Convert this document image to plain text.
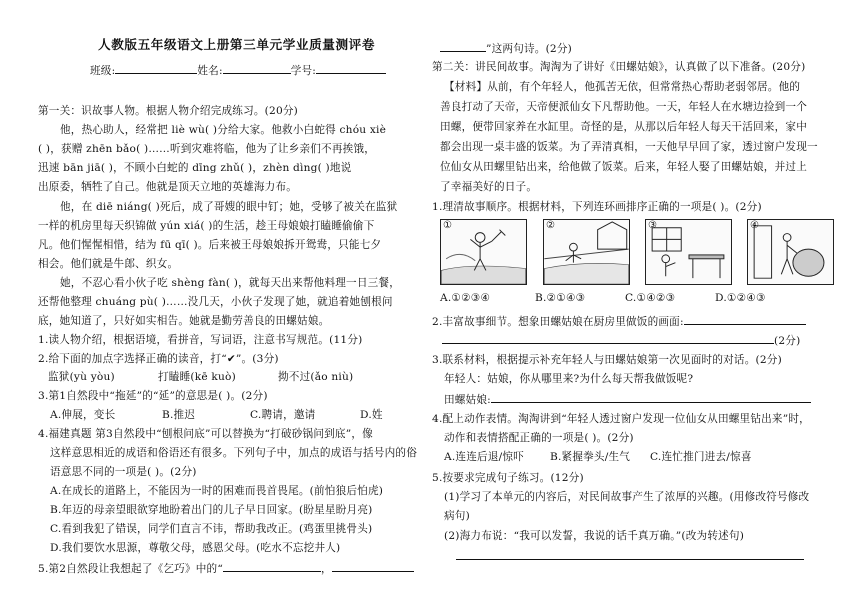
人教版五年级语文上册第三单元学业质量测评卷
班级:	姓名:	学号:
第一关：识故事人物。根据人物介绍完成练习。(20分)
他，热心助人，经常把 liè wù( )分给大家。他救小白蛇得 chóu xiè
( )，获赠 zhēn bǎo( )……听到灾难将临，他为了让乡亲们不再挨饿，
迅速 bān jiā( )，不顾小白蛇的 dīng zhǔ( )，zhèn dìng( )地说
出原委，牺牲了自己。他就是顶天立地的英雄海力布。
他，在 diē niáng( )死后，成了哥嫂的眼中钉；她，受够了被关在监狱
一样的机房里每天织锦做 yún xiá( )的生活，趁王母娘娘打瞌睡偷偷下
凡。他们惺惺相惜，结为 fū qī( )。后来被王母娘娘拆开鸳鸯，只能七夕
相会。他们就是牛郎、织女。
她，不忍心看小伙子吃 shèng fàn( )，就每天出来帮他料理一日三餐，
还帮他整理 chuáng pù( )……没几天，小伙子发现了她，就追着她刨根问
底，她知道了，只好如实相告。她就是勤劳善良的田螺姑娘。
1.读人物介绍，根据语境，看拼音，写词语，注意书写规范。(11分)
2.给下面的加点字选择正确的读音，打“✔”。(3分)
监狱(yù yòu)	打瞌睡(kē kuò)	拗不过(ǎo niù)
3.第1自然段中“拖延”的“延”的意思是( )。(2分)
A.伸展，变长	B.推迟	C.聘请，邀请	D.姓
4.福建真题 第3自然段中“刨根问底”可以替换为“打破砂锅问到底”，像
这样意思相近的成语和俗语还有很多。下列句子中，加点的成语与括号内的俗
语意思不同的一项是( )。(2分)
A.在成长的道路上，不能因为一时的困难而畏首畏尾。(前怕狼后怕虎)
B.年迈的母亲望眼欲穿地盼着出门的儿子早日回家。(盼星星盼月亮)
C.看到我犯了错误，同学们直言不讳，帮助我改正。(鸡蛋里挑骨头)
D.我们要饮水思源，尊敬父母，感恩父母。(吃水不忘挖井人)
5.第2自然段让我想起了《乞巧》中的“	，
”这两句诗。(2分)
第二关：讲民间故事。淘淘为了讲好《田螺姑娘》，认真做了以下准备。(20分)
【材料】从前，有个年轻人，他孤苦无依，但常常热心帮助老弱邻居。他的
善良打动了天帝，天帝便派仙女下凡帮助他。一天，年轻人在水塘边捡到一个
田螺，便带回家养在水缸里。奇怪的是，从那以后年轻人每天干活回来，家中
都会出现一桌丰盛的饭菜。为了弄清真相，一天他早早回了家，透过窗户发现一
位仙女从田螺里钻出来，给他做了饭菜。后来，年轻人娶了田螺姑娘，并过上
了幸福美好的日子。
1.理清故事顺序。根据材料，下列连环画排序正确的一项是( )。(2分)
①	②	③	④
A.①②③④	B.②①④③	C.①④②③	D.①②④③
2.丰富故事细节。想象田螺姑娘在厨房里做饭的画面:
(2分)
3.联系材料，根据提示补充年轻人与田螺姑娘第一次见面时的对话。(2分)
年轻人：姑娘，你从哪里来?为什么每天帮我做饭呢?
田螺姑娘:
4.配上动作表情。淘淘讲到“年轻人透过窗户发现一位仙女从田螺里钻出来”时，
动作和表情搭配正确的一项是( )。(2分)
A.连连后退/惊吓 B.紧握拳头/生气 C.连忙推门进去/惊喜
5.按要求完成句子练习。(12分)
(1)学习了本单元的内容后，对民间故事产生了浓厚的兴趣。(用修改符号修改
病句)
(2)海力布说：“我可以发誓，我说的话千真万确。”(改为转述句)
